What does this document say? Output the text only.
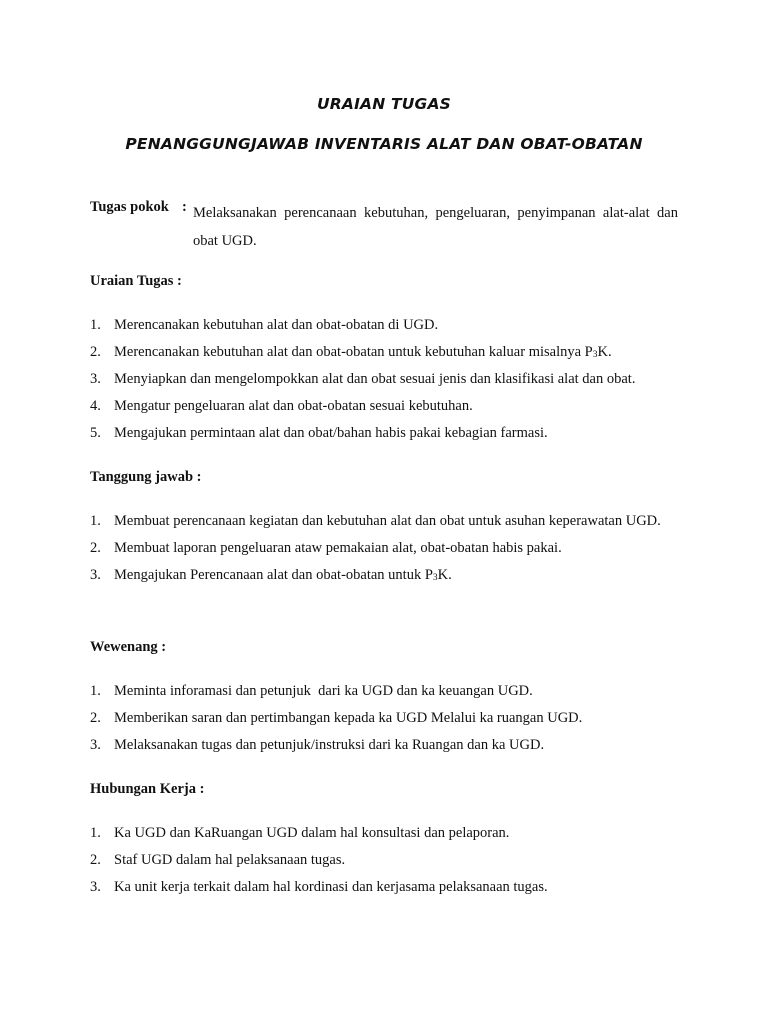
URAIAN TUGAS
PENANGGUNGJAWAB INVENTARIS ALAT DAN OBAT-OBATAN
Tugas pokok : Melaksanakan perencanaan kebutuhan, pengeluaran, penyimpanan alat-alat dan obat UGD.
Uraian Tugas :
1. Merencanakan kebutuhan alat dan obat-obatan di UGD.
2. Merencanakan kebutuhan alat dan obat-obatan untuk kebutuhan kaluar misalnya $P_3K$.
3. Menyiapkan dan mengelompokkan alat dan obat sesuai jenis dan klasifikasi alat dan obat.
4. Mengatur pengeluaran alat dan obat-obatan sesuai kebutuhan.
5. Mengajukan permintaan alat dan obat/bahan habis pakai kebagian farmasi.
Tanggung jawab :
1. Membuat perencanaan kegiatan dan kebutuhan alat dan obat untuk asuhan keperawatan UGD.
2. Membuat laporan pengeluaran ataw pemakaian alat, obat-obatan habis pakai.
3. Mengajukan Perencanaan alat dan obat-obatan untuk $P_3K$.
Wewenang :
1. Meminta inforamasi dan petunjuk  dari ka UGD dan ka keuangan UGD.
2. Memberikan saran dan pertimbangan kepada ka UGD Melalui ka ruangan UGD.
3. Melaksanakan tugas dan petunjuk/instruksi dari ka Ruangan dan ka UGD.
Hubungan Kerja :
1. Ka UGD dan KaRuangan UGD dalam hal konsultasi dan pelaporan.
2. Staf UGD dalam hal pelaksanaan tugas.
3. Ka unit kerja terkait dalam hal kordinasi dan kerjasama pelaksanaan tugas.
